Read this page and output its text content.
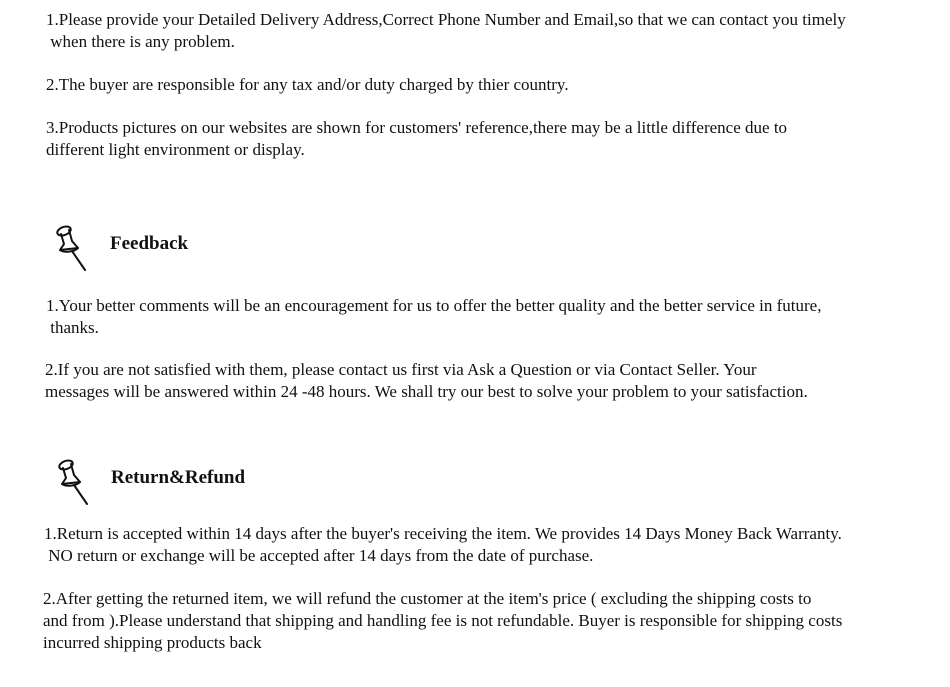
1.Please provide your Detailed Delivery Address,Correct Phone Number and Email,so that we can contact you timely
when there is any problem.

2.The buyer are responsible for any tax and/or duty charged by thier country.

3.Products pictures on our websites are shown for customers' reference,there may be a little difference due to
different light environment or display.

Feedback

1.Your better comments will be an encouragement for us to offer the better quality and the better service in future,
thanks.

2.If you are not satisfied with them, please contact us first via Ask a Question or via Contact Seller. Your
messages will be answered within 24 -48 hours. We shall try our best to solve your problem to your satisfaction.

Return&Refund

1.Return is accepted within 14 days after the buyer's receiving the item. We provides 14 Days Money Back Warranty.
NO return or exchange will be accepted after 14 days from the date of purchase.

2.After getting the returned item, we will refund the customer at the item's price ( excluding the shipping costs to
and from ).Please understand that shipping and handling fee is not refundable. Buyer is responsible for shipping costs
incurred shipping products back
